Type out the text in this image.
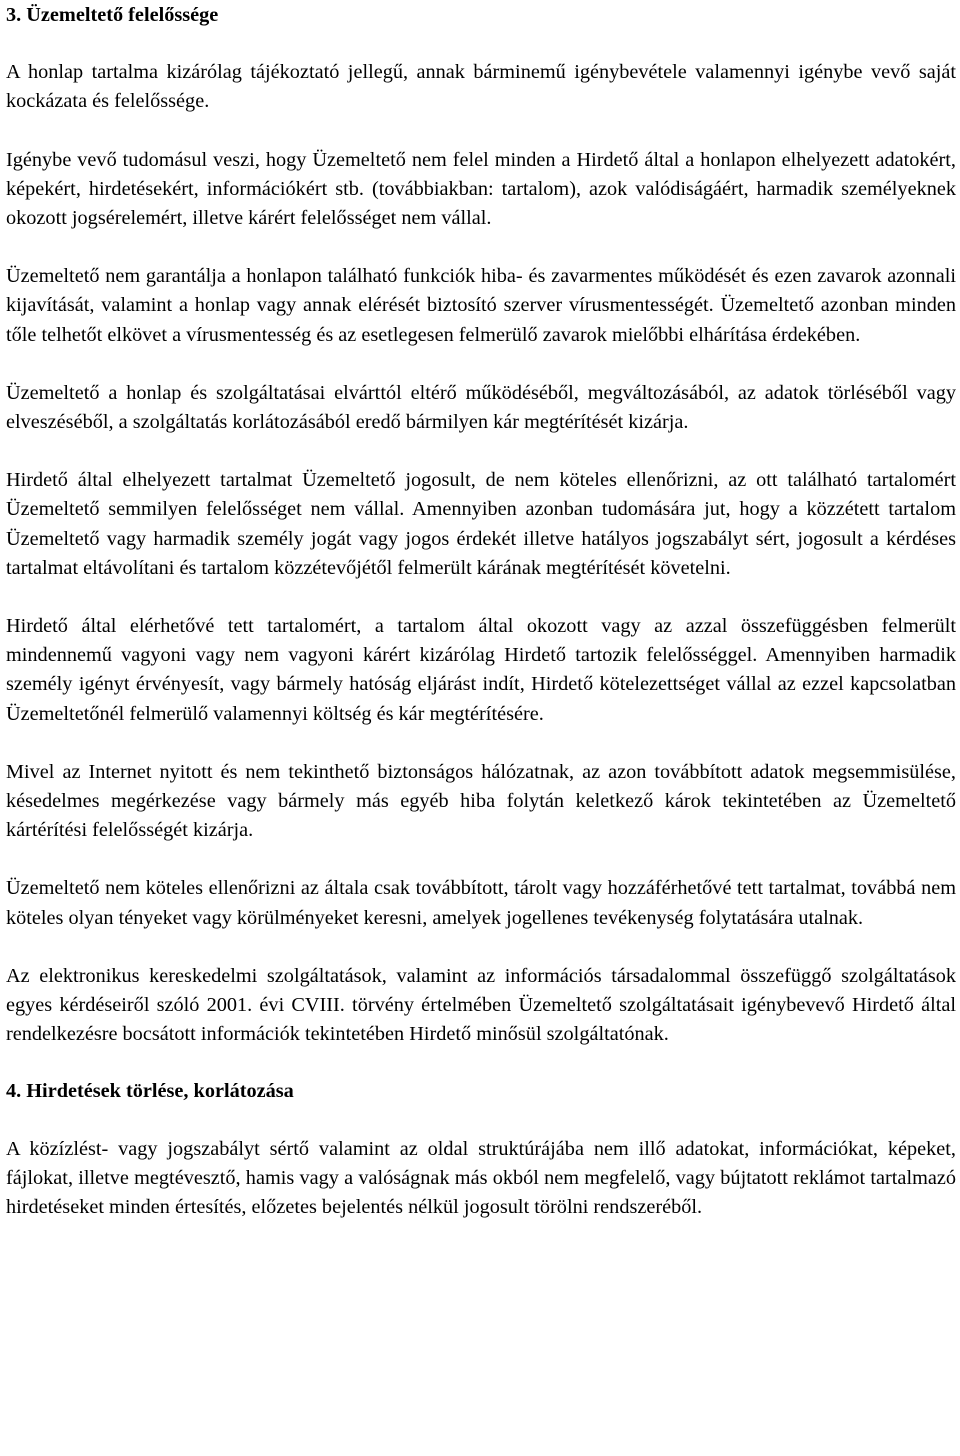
3. Üzemeltető felelőssége

A honlap tartalma kizárólag tájékoztató jellegű, annak bárminemű igénybevétele valamennyi igénybe vevő saját kockázata és felelőssége.

Igénybe vevő tudomásul veszi, hogy Üzemeltető nem felel minden a Hirdető által a honlapon elhelyezett adatokért, képekért, hirdetésekért, információkért stb. (továbbiakban: tartalom), azok valódiságáért, harmadik személyeknek okozott jogsérelemért, illetve kárért felelősséget nem vállal.

Üzemeltető nem garantálja a honlapon található funkciók hiba- és zavarmentes működését és ezen zavarok azonnali kijavítását, valamint a honlap vagy annak elérését biztosító szerver vírusmentességét. Üzemeltető azonban minden tőle telhetőt elkövet a vírusmentesség és az esetlegesen felmerülő zavarok mielőbbi elhárítása érdekében.

Üzemeltető a honlap és szolgáltatásai elvárttól eltérő működéséből, megváltozásából, az adatok törléséből vagy elveszéséből, a szolgáltatás korlátozásából eredő bármilyen kár megtérítését kizárja.

Hirdető által elhelyezett tartalmat Üzemeltető jogosult, de nem köteles ellenőrizni, az ott található tartalomért Üzemeltető semmilyen felelősséget nem vállal. Amennyiben azonban tudomására jut, hogy a közzétett tartalom Üzemeltető vagy harmadik személy jogát vagy jogos érdekét illetve hatályos jogszabályt sért, jogosult a kérdéses tartalmat eltávolítani és tartalom közzétevőjétől felmerült kárának megtérítését követelni.

Hirdető által elérhetővé tett tartalomért, a tartalom által okozott vagy az azzal összefüggésben felmerült mindennemű vagyoni vagy nem vagyoni kárért kizárólag Hirdető tartozik felelősséggel. Amennyiben harmadik személy igényt érvényesít, vagy bármely hatóság eljárást indít, Hirdető kötelezettséget vállal az ezzel kapcsolatban Üzemeltetőnél felmerülő valamennyi költség és kár megtérítésére.

Mivel az Internet nyitott és nem tekinthető biztonságos hálózatnak, az azon továbbított adatok megsemmisülése, késedelmes megérkezése vagy bármely más egyéb hiba folytán keletkező károk tekintetében az Üzemeltető kártérítési felelősségét kizárja.

Üzemeltető nem köteles ellenőrizni az általa csak továbbított, tárolt vagy hozzáférhetővé tett tartalmat, továbbá nem köteles olyan tényeket vagy körülményeket keresni, amelyek jogellenes tevékenység folytatására utalnak.

Az elektronikus kereskedelmi szolgáltatások, valamint az információs társadalommal összefüggő szolgáltatások egyes kérdéseiről szóló 2001. évi CVIII. törvény értelmében Üzemeltető szolgáltatásait igénybevevő Hirdető által rendelkezésre bocsátott információk tekintetében Hirdető minősül szolgáltatónak.

4. Hirdetések törlése, korlátozása

A közízlést- vagy jogszabályt sértő valamint az oldal struktúrájába nem illő adatokat, információkat, képeket, fájlokat, illetve megtévesztő, hamis vagy a valóságnak más okból nem megfelelő, vagy bújtatott reklámot tartalmazó hirdetéseket minden értesítés, előzetes bejelentés nélkül jogosult törölni rendszeréből.
